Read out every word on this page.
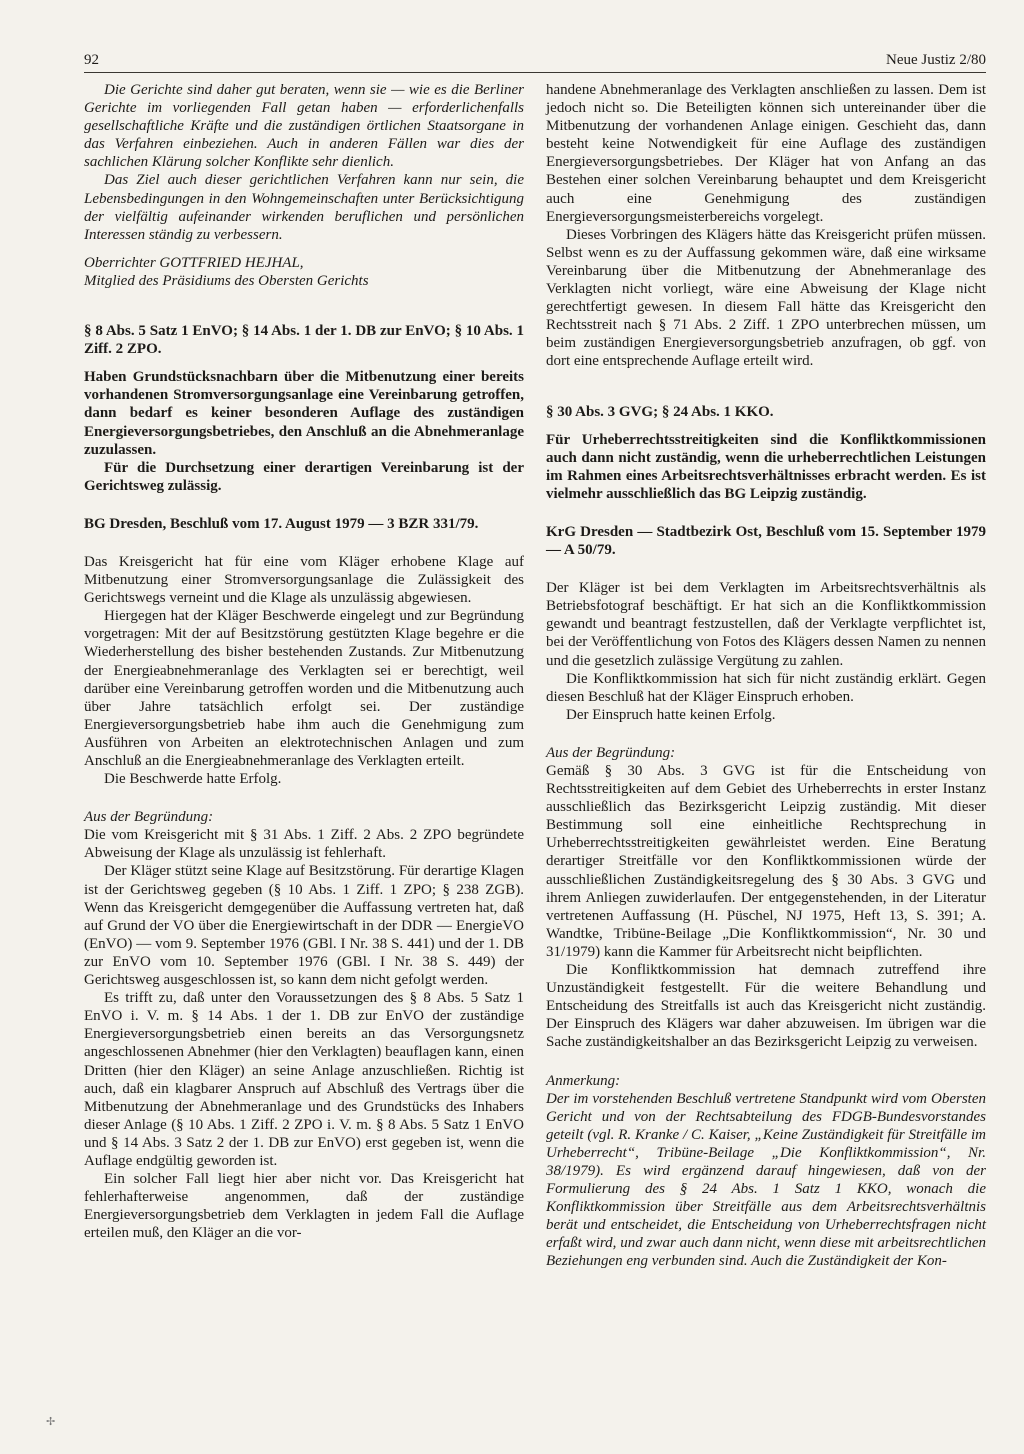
92	Neue Justiz 2/80

Die Gerichte sind daher gut beraten, wenn sie — wie es die Berliner Gerichte im vorliegenden Fall getan haben — erforderlichenfalls gesellschaftliche Kräfte und die zuständigen örtlichen Staatsorgane in das Verfahren einbeziehen. Auch in anderen Fällen war dies der sachlichen Klärung solcher Konflikte sehr dienlich.

Das Ziel auch dieser gerichtlichen Verfahren kann nur sein, die Lebensbedingungen in den Wohngemeinschaften unter Berücksichtigung der vielfältig aufeinander wirkenden beruflichen und persönlichen Interessen ständig zu verbessern.

Oberrichter GOTTFRIED HEJHAL,

Mitglied des Präsidiums des Obersten Gerichts

§ 8 Abs. 5 Satz 1 EnVO; § 14 Abs. 1 der 1. DB zur EnVO; § 10 Abs. 1 Ziff. 2 ZPO.

Haben Grundstücksnachbarn über die Mitbenutzung einer bereits vorhandenen Stromversorgungsanlage eine Vereinbarung getroffen, dann bedarf es keiner besonderen Auflage des zuständigen Energieversorgungsbetriebes, den Anschluß an die Abnehmeranlage zuzulassen.

Für die Durchsetzung einer derartigen Vereinbarung ist der Gerichtsweg zulässig.

BG Dresden, Beschluß vom 17. August 1979 — 3 BZR 331/79.

Das Kreisgericht hat für eine vom Kläger erhobene Klage auf Mitbenutzung einer Stromversorgungsanlage die Zulässigkeit des Gerichtswegs verneint und die Klage als unzulässig abgewiesen.

Hiergegen hat der Kläger Beschwerde eingelegt und zur Begründung vorgetragen: Mit der auf Besitzstörung gestützten Klage begehre er die Wiederherstellung des bisher bestehenden Zustands. Zur Mitbenutzung der Energieabnehmeranlage des Verklagten sei er berechtigt, weil darüber eine Vereinbarung getroffen worden und die Mitbenutzung auch über Jahre tatsächlich erfolgt sei. Der zuständige Energieversorgungsbetrieb habe ihm auch die Genehmigung zum Ausführen von Arbeiten an elektrotechnischen Anlagen und zum Anschluß an die Energieabnehmeranlage des Verklagten erteilt.

Die Beschwerde hatte Erfolg.

Aus der Begründung:

Die vom Kreisgericht mit § 31 Abs. 1 Ziff. 2 Abs. 2 ZPO begründete Abweisung der Klage als unzulässig ist fehlerhaft.

Der Kläger stützt seine Klage auf Besitzstörung. Für derartige Klagen ist der Gerichtsweg gegeben (§ 10 Abs. 1 Ziff. 1 ZPO; § 238 ZGB). Wenn das Kreisgericht demgegenüber die Auffassung vertreten hat, daß auf Grund der VO über die Energiewirtschaft in der DDR — EnergieVO (EnVO) — vom 9. September 1976 (GBl. I Nr. 38 S. 441) und der 1. DB zur EnVO vom 10. September 1976 (GBl. I Nr. 38 S. 449) der Gerichtsweg ausgeschlossen ist, so kann dem nicht gefolgt werden.

Es trifft zu, daß unter den Voraussetzungen des § 8 Abs. 5 Satz 1 EnVO i. V. m. § 14 Abs. 1 der 1. DB zur EnVO der zuständige Energieversorgungsbetrieb einen bereits an das Versorgungsnetz angeschlossenen Abnehmer (hier den Verklagten) beauflagen kann, einen Dritten (hier den Kläger) an seine Anlage anzuschließen. Richtig ist auch, daß ein klagbarer Anspruch auf Abschluß des Vertrags über die Mitbenutzung der Abnehmeranlage und des Grundstücks des Inhabers dieser Anlage (§ 10 Abs. 1 Ziff. 2 ZPO i. V. m. § 8 Abs. 5 Satz 1 EnVO und § 14 Abs. 3 Satz 2 der 1. DB zur EnVO) erst gegeben ist, wenn die Auflage endgültig geworden ist.

Ein solcher Fall liegt hier aber nicht vor. Das Kreisgericht hat fehlerhafterweise angenommen, daß der zuständige Energieversorgungsbetrieb dem Verklagten in jedem Fall die Auflage erteilen muß, den Kläger an die vor-

handene Abnehmeranlage des Verklagten anschließen zu lassen. Dem ist jedoch nicht so. Die Beteiligten können sich untereinander über die Mitbenutzung der vorhandenen Anlage einigen. Geschieht das, dann besteht keine Notwendigkeit für eine Auflage des zuständigen Energieversorgungsbetriebes. Der Kläger hat von Anfang an das Bestehen einer solchen Vereinbarung behauptet und dem Kreisgericht auch eine Genehmigung des zuständigen Energieversorgungsmeisterbereichs vorgelegt.

Dieses Vorbringen des Klägers hätte das Kreisgericht prüfen müssen. Selbst wenn es zu der Auffassung gekommen wäre, daß eine wirksame Vereinbarung über die Mitbenutzung der Abnehmeranlage des Verklagten nicht vorliegt, wäre eine Abweisung der Klage nicht gerechtfertigt gewesen. In diesem Fall hätte das Kreisgericht den Rechtsstreit nach § 71 Abs. 2 Ziff. 1 ZPO unterbrechen müssen, um beim zuständigen Energieversorgungsbetrieb anzufragen, ob ggf. von dort eine entsprechende Auflage erteilt wird.

§ 30 Abs. 3 GVG; § 24 Abs. 1 KKO.

Für Urheberrechtsstreitigkeiten sind die Konfliktkommissionen auch dann nicht zuständig, wenn die urheberrechtlichen Leistungen im Rahmen eines Arbeitsrechtsverhältnisses erbracht werden. Es ist vielmehr ausschließlich das BG Leipzig zuständig.

KrG Dresden — Stadtbezirk Ost, Beschluß vom 15. September 1979 — A 50/79.

Der Kläger ist bei dem Verklagten im Arbeitsrechtsverhältnis als Betriebsfotograf beschäftigt. Er hat sich an die Konfliktkommission gewandt und beantragt festzustellen, daß der Verklagte verpflichtet ist, bei der Veröffentlichung von Fotos des Klägers dessen Namen zu nennen und die gesetzlich zulässige Vergütung zu zahlen.

Die Konfliktkommission hat sich für nicht zuständig erklärt. Gegen diesen Beschluß hat der Kläger Einspruch erhoben.

Der Einspruch hatte keinen Erfolg.

Aus der Begründung:

Gemäß § 30 Abs. 3 GVG ist für die Entscheidung von Rechtsstreitigkeiten auf dem Gebiet des Urheberrechts in erster Instanz ausschließlich das Bezirksgericht Leipzig zuständig. Mit dieser Bestimmung soll eine einheitliche Rechtsprechung in Urheberrechtsstreitigkeiten gewährleistet werden. Eine Beratung derartiger Streitfälle vor den Konfliktkommissionen würde der ausschließlichen Zuständigkeitsregelung des § 30 Abs. 3 GVG und ihrem Anliegen zuwiderlaufen. Der entgegenstehenden, in der Literatur vertretenen Auffassung (H. Püschel, NJ 1975, Heft 13, S. 391; A. Wandtke, Tribüne-Beilage „Die Konfliktkommission“, Nr. 30 und 31/1979) kann die Kammer für Arbeitsrecht nicht beipflichten.

Die Konfliktkommission hat demnach zutreffend ihre Unzuständigkeit festgestellt. Für die weitere Behandlung und Entscheidung des Streitfalls ist auch das Kreisgericht nicht zuständig. Der Einspruch des Klägers war daher abzuweisen. Im übrigen war die Sache zuständigkeitshalber an das Bezirksgericht Leipzig zu verweisen.

Anmerkung:

Der im vorstehenden Beschluß vertretene Standpunkt wird vom Obersten Gericht und von der Rechtsabteilung des FDGB-Bundesvorstandes geteilt (vgl. R. Kranke / C. Kaiser, „Keine Zuständigkeit für Streitfälle im Urheberrecht“, Tribüne-Beilage „Die Konfliktkommission“, Nr. 38/1979). Es wird ergänzend darauf hingewiesen, daß von der Formulierung des § 24 Abs. 1 Satz 1 KKO, wonach die Konfliktkommission über Streitfälle aus dem Arbeitsrechtsverhältnis berät und entscheidet, die Entscheidung von Urheberrechtsfragen nicht erfaßt wird, und zwar auch dann nicht, wenn diese mit arbeitsrechtlichen Beziehungen eng verbunden sind. Auch die Zuständigkeit der Kon-

✢
